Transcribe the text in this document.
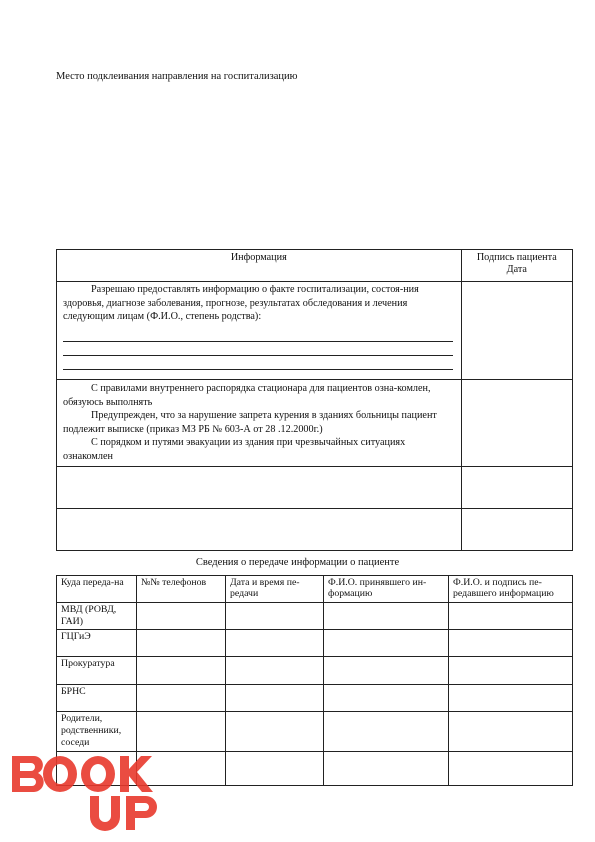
Место подклеивания направления на госпитализацию
Информация	Подпись пациента
Дата

Разрешаю предоставлять информацию о факте госпитализации, состоя-ния здоровья, диагнозе заболевания, прогнозе, результатах обследования и лечения следующим лицам (Ф.И.О., степень родства):	

С правилами внутреннего распорядка стационара для пациентов озна-комлен, обязуюсь выполнять

Предупрежден, что за нарушение запрета курения в зданиях больницы пациент подлежит выписке (приказ МЗ РБ № 603-А от 28 .12.2000г.)

С порядком и путями эвакуации из здания при чрезвычайных ситуациях ознакомлен	

Сведения о передаче информации о пациенте
Куда переда-на	№№ телефонов	Дата и время пе-редачи	Ф.И.О. принявшего ин-формацию	Ф.И.О. и подпись пе-редавшего информацию
МВД (РОВД, ГАИ)				
ГЦГиЭ				
Прокуратура				
БРНС				
Родители, родственники, соседи				
